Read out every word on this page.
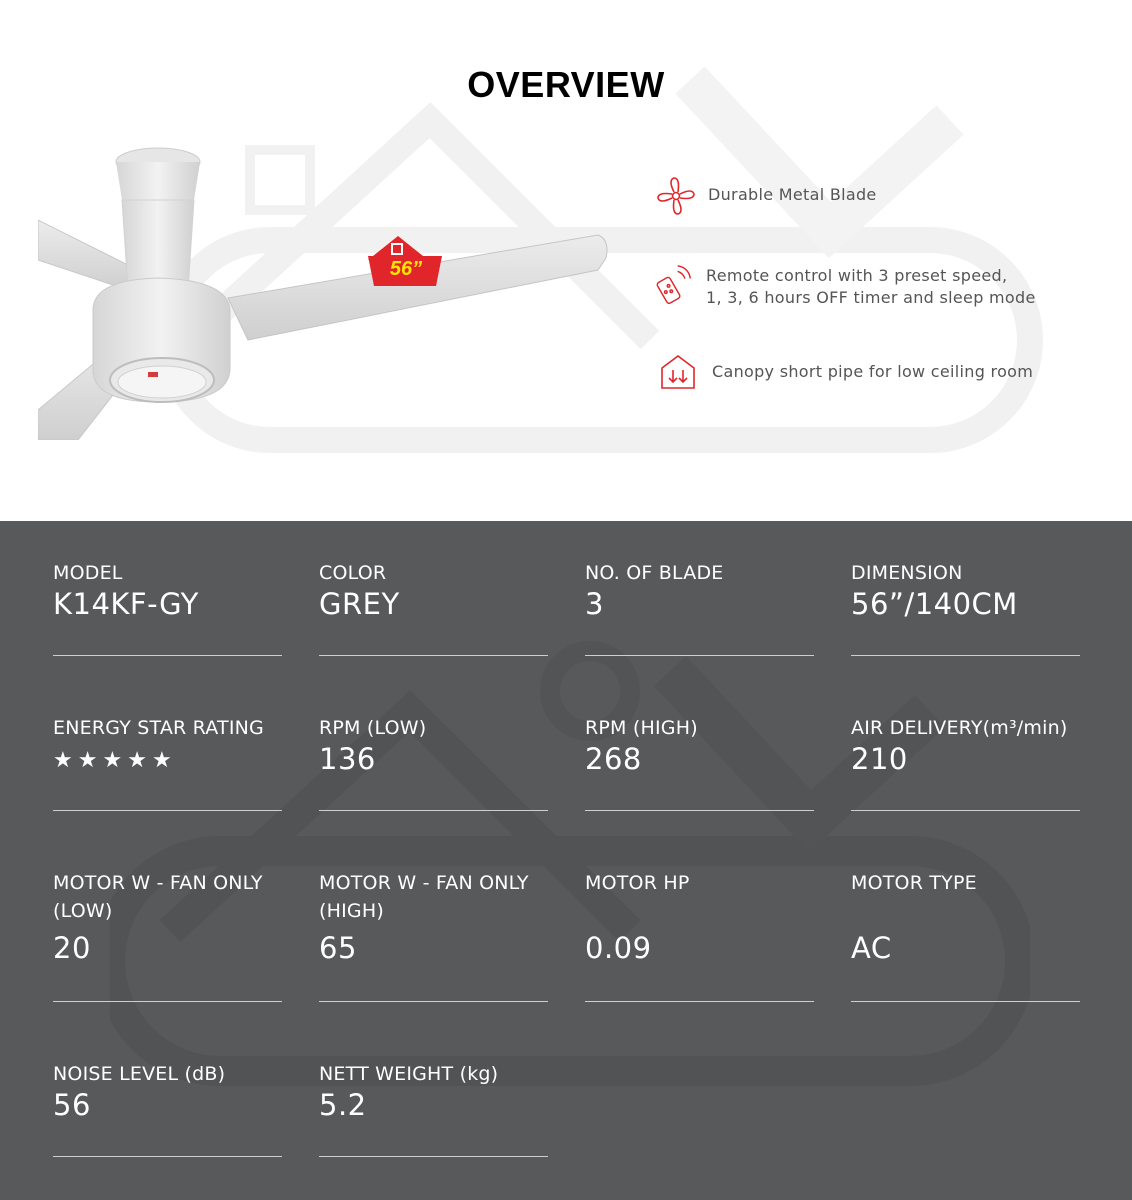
OVERVIEW
56”
Durable Metal Blade
Remote control with 3 preset speed,
1, 3, 6 hours OFF timer and sleep mode
Canopy short pipe for low ceiling room
MODEL
K14KF-GY
COLOR
GREY
NO. OF BLADE
3
DIMENSION
56”/140CM
ENERGY STAR RATING
★ ★ ★ ★ ★
RPM (LOW)
136
RPM (HIGH)
268
AIR DELIVERY(m³/min)
210
MOTOR W - FAN ONLY
(LOW)
20
MOTOR W - FAN ONLY
(HIGH)
65
MOTOR HP
0.09
MOTOR TYPE
AC
NOISE LEVEL (dB)
56
NETT WEIGHT (kg)
5.2
